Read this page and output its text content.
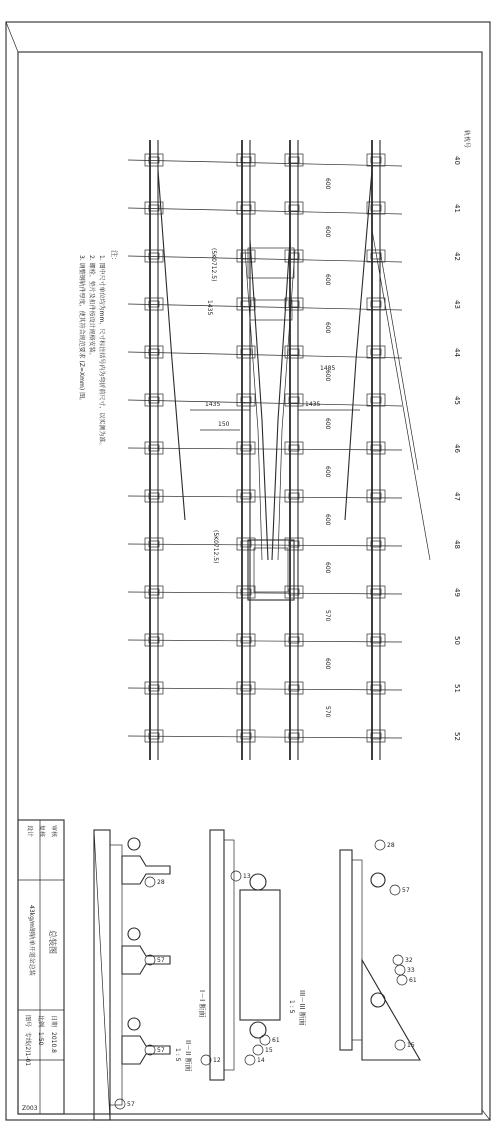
40
41
42
43
44
45
46
47
48
49
50
51
52
轨枕号
600
600
600
600
600
600
600
600
600
570
600
570
1435	1435
1485
150
(5K0712.5)
(5K0712.5)
1435
注：
1. 图中尺寸单位均为mm，尺寸标注括号内为弯折前尺寸，以实测为准。
2. 螺栓、垫片及扣件按设计规格安装。
3. 调整钢轨件厚度，使其符合规范要求 (Z=Xmm) 图。
I－I 断面
II－II 断面
1 : 5
III－III 断面
1 : 5
28
57
57
57
13
14
15
61
12
28
57
32
33
61
15
总装图
43kg/m钢轨单开道岔总装
设计 复核 审核
图号
专线(2)1-01
比例
1:50
日期
2010.8
Z003
